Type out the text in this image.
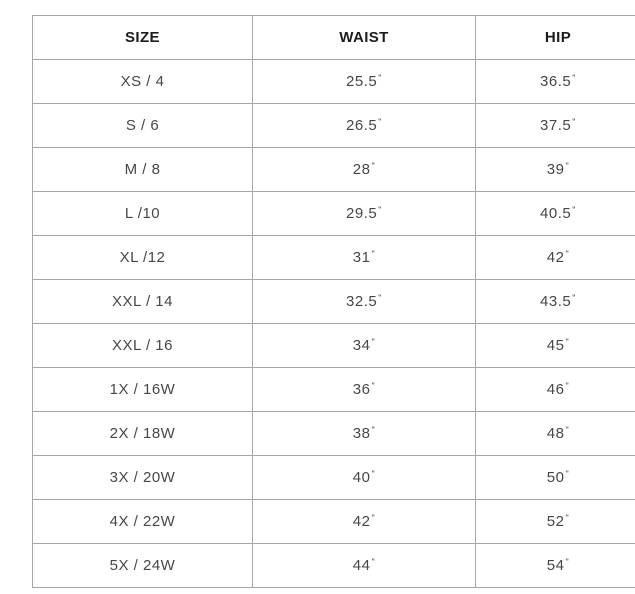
SIZE	WAIST	HIP
XS / 4	25.5"	36.5"
S / 6	26.5"	37.5"
M / 8	28"	39"
L /10	29.5"	40.5"
XL /12	31"	42"
XXL / 14	32.5"	43.5"
XXL / 16	34"	45"
1X / 16W	36"	46"
2X / 18W	38"	48"
3X / 20W	40"	50"
4X / 22W	42"	52"
5X / 24W	44"	54"
